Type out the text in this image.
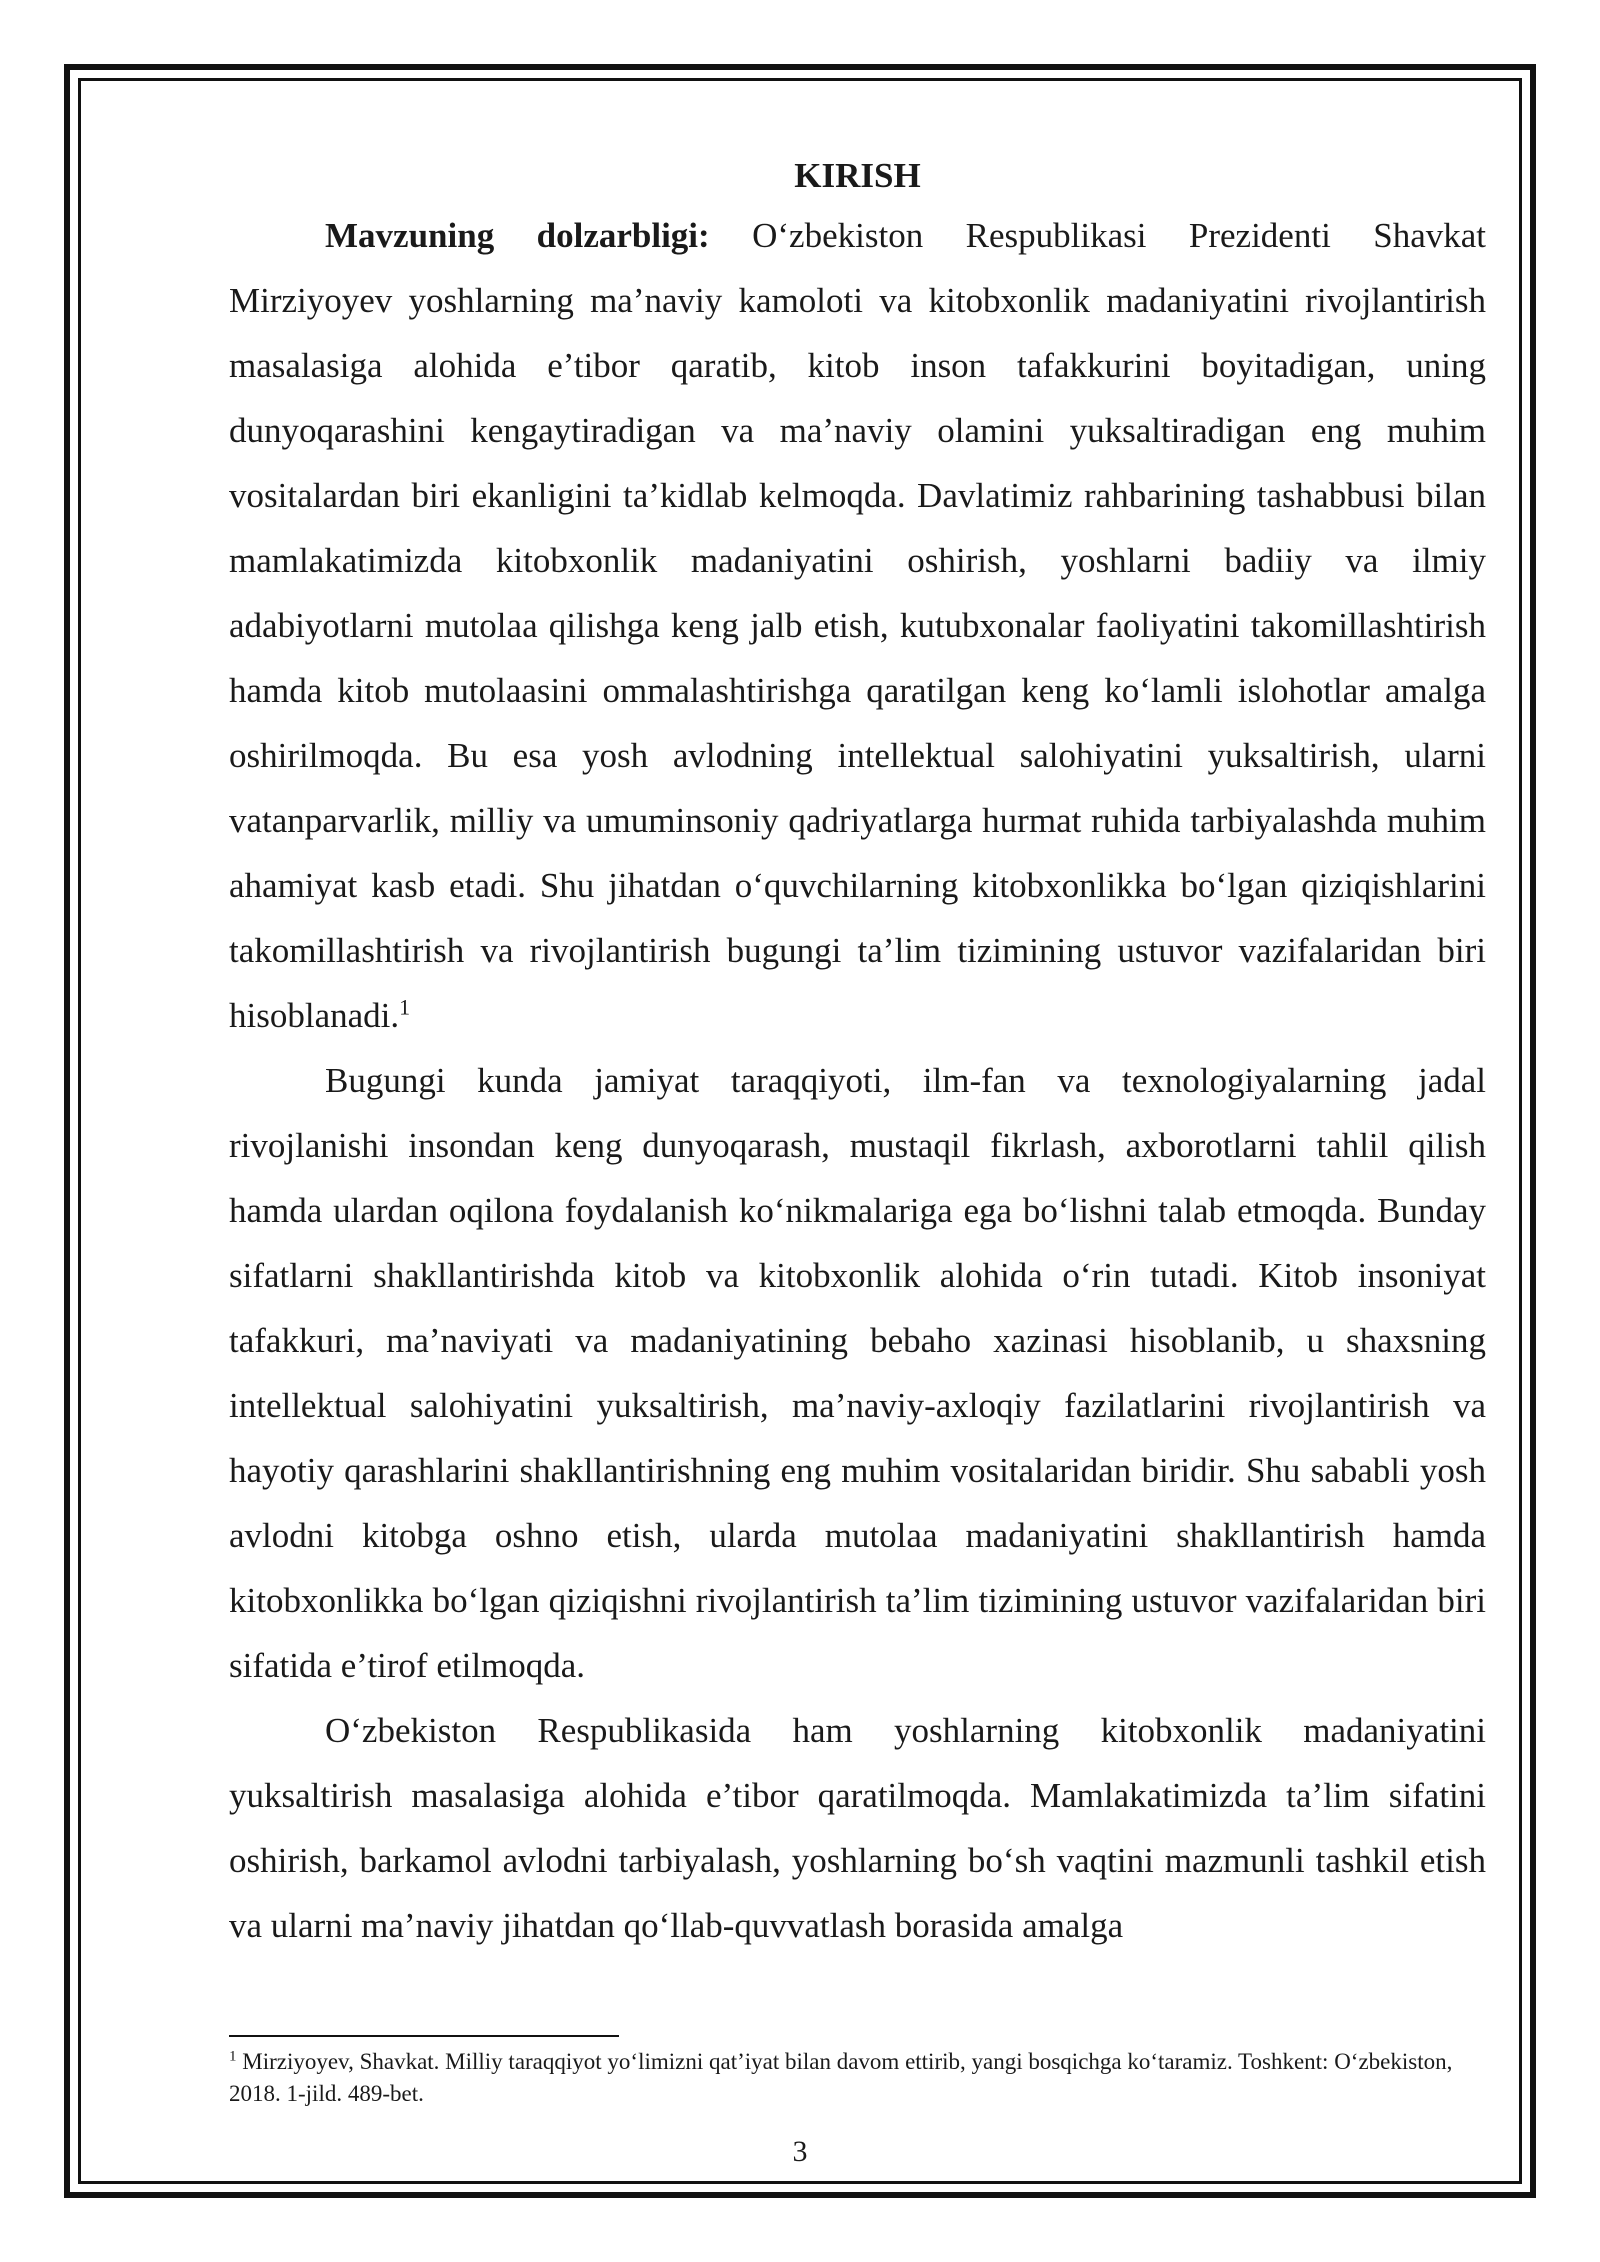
KIRISH

Mavzuning dolzarbligi: O‘zbekiston Respublikasi Prezidenti Shavkat Mirziyoyev yoshlarning ma’naviy kamoloti va kitobxonlik madaniyatini rivojlantirish masalasiga alohida e’tibor qaratib, kitob inson tafakkurini boyitadigan, uning dunyoqarashini kengaytiradigan va ma’naviy olamini yuksaltiradigan eng muhim vositalardan biri ekanligini ta’kidlab kelmoqda. Davlatimiz rahbarining tashabbusi bilan mamlakatimizda kitobxonlik madaniyatini oshirish, yoshlarni badiiy va ilmiy adabiyotlarni mutolaa qilishga keng jalb etish, kutubxonalar faoliyatini takomillashtirish hamda kitob mutolaasini ommalashtirishga qaratilgan keng ko‘lamli islohotlar amalga oshirilmoqda. Bu esa yosh avlodning intellektual salohiyatini yuksaltirish, ularni vatanparvarlik, milliy va umuminsoniy qadriyatlarga hurmat ruhida tarbiyalashda muhim ahamiyat kasb etadi. Shu jihatdan o‘quvchilarning kitobxonlikka bo‘lgan qiziqishlarini takomillashtirish va rivojlantirish bugungi ta’lim tizimining ustuvor vazifalaridan biri hisoblanadi.$^1$

Bugungi kunda jamiyat taraqqiyoti, ilm-fan va texnologiyalarning jadal rivojlanishi insondan keng dunyoqarash, mustaqil fikrlash, axborotlarni tahlil qilish hamda ulardan oqilona foydalanish ko‘nikmalariga ega bo‘lishni talab etmoqda. Bunday sifatlarni shakllantirishda kitob va kitobxonlik alohida o‘rin tutadi. Kitob insoniyat tafakkuri, ma’naviyati va madaniyatining bebaho xazinasi hisoblanib, u shaxsning intellektual salohiyatini yuksaltirish, ma’naviy-axloqiy fazilatlarini rivojlantirish va hayotiy qarashlarini shakllantirishning eng muhim vositalaridan biridir. Shu sababli yosh avlodni kitobga oshno etish, ularda mutolaa madaniyatini shakllantirish hamda kitobxonlikka bo‘lgan qiziqishni rivojlantirish ta’lim tizimining ustuvor vazifalaridan biri sifatida e’tirof etilmoqda.

O‘zbekiston Respublikasida ham yoshlarning kitobxonlik madaniyatini yuksaltirish masalasiga alohida e’tibor qaratilmoqda. Mamlakatimizda ta’lim sifatini oshirish, barkamol avlodni tarbiyalash, yoshlarning bo‘sh vaqtini mazmunli tashkil etish va ularni ma’naviy jihatdan qo‘llab-quvvatlash borasida amalga

$^1$ Mirziyoyev, Shavkat. Milliy taraqqiyot yo‘limizni qat’iyat bilan davom ettirib, yangi bosqichga ko‘taramiz. Toshkent: O‘zbekiston, 2018. 1-jild. 489-bet.

3
